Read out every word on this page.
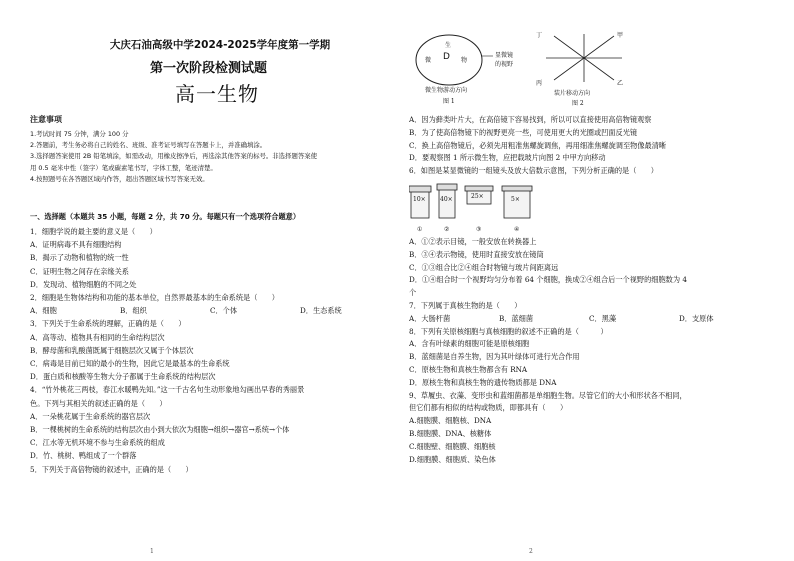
大庆石油高级中学2024-2025学年度第一学期
第一次阶段检测试题
高一生物
注意事项
1.考试时间 75 分钟，满分 100 分
2.答题前，考生务必将自己的姓名、班级、准考证号填写在答题卡上，并准确填涂。
3.选择题答案使用 2B 铅笔填涂，如需改动，用橡皮擦净后，再选涂其他答案的标号。非选择题答案使
用 0.5 毫米中性（签字）笔或碳素笔书写，字体工整，笔迹清楚。
4.按照题号在各答题区域内作答，超出答题区域书写答案无效。
一、选择题（本题共 35 小题，每题 2 分，共 70 分。每题只有一个选项符合题意）
1．细胞学说的最主要的意义是（　　）
A．证明病毒不具有细胞结构
B．揭示了动物和植物的统一性
C．证明生物之间存在亲缘关系
D．发现动、植物细胞的不同之处
2．细胞是生物体结构和功能的基本单位，自然界最基本的生命系统是（　　）
A．细胞	B．组织	C．个体	D．生态系统
3．下列关于生命系统的理解，正确的是（　　）
A．高等动、植物具有相同的生命结构层次
B．酵母菌和乳酸菌既属于细胞层次又属于个体层次
C．病毒是目前已知的最小的生物，因此它是最基本的生命系统
D．蛋白质和核酸等生物大分子都属于生命系统的结构层次
4．“竹外桃花三两枝，春江水暖鸭先知。”这一千古名句生动形象地勾画出早春的秀丽景
色。下列与其相关的叙述正确的是（　　）
A．一朵桃花属于生命系统的器官层次
B．一棵桃树的生命系统的结构层次由小到大依次为细胞→组织→器官→系统→个体
C．江水等无机环境不参与生命系统的组成
D．竹、桃树、鸭组成了一个群落
5．下列关于高倍物镜的叙述中，正确的是（　　）
1
生
微	物
D	显微镜
的视野
微生物游动方向
图 1
丁	甲
丙	乙
装片移动方向
图 2
A．因为藓类叶片大，在高倍镜下容易找到，所以可以直接使用高倍物镜观察
B．为了使高倍物镜下的视野更亮一些，可使用更大的光圈或凹面反光镜
C．换上高倍物镜后，必须先用粗准焦螺旋调焦，再用细准焦螺旋调至物像最清晰
D．要观察图 1 所示微生物，应把载玻片向图 2 中甲方向移动
6．如图是某显微镜的一组镜头及放大倍数示意图，下列分析正确的是（　　）
10× 40×	25×	5×
①	②	③	④
A．①②表示目镜，一般安放在转换器上
B．③④表示物镜，使用时直接安放在镜筒
C．①③组合比②④组合时物镜与玻片间距离远
D．①④组合时一个视野均匀分布着 64 个细胞，换成②④组合后一个视野的细胞数为 4
个
7．下列属于真核生物的是（　　）
A．大肠杆菌	B．蓝细菌	C．黑藻	D．支原体
8．下列有关原核细胞与真核细胞的叙述不正确的是（　　　）
A．含有叶绿素的细胞可能是原核细胞
B．蓝细菌是自养生物，因为其叶绿体可进行光合作用
C．原核生物和真核生物都含有 RNA
D．原核生物和真核生物的遗传物质都是 DNA
9、草履虫、衣藻、变形虫和蓝细菌都是单细胞生物。尽管它们的大小和形状各不相同，
但它们都有相似的结构或物质，即都具有（　　）
A.细胞膜、细胞核、DNA
B.细胞膜、DNA、核糖体
C.细胞壁、细胞膜、细胞核
D.细胞膜、细胞质、染色体
2
